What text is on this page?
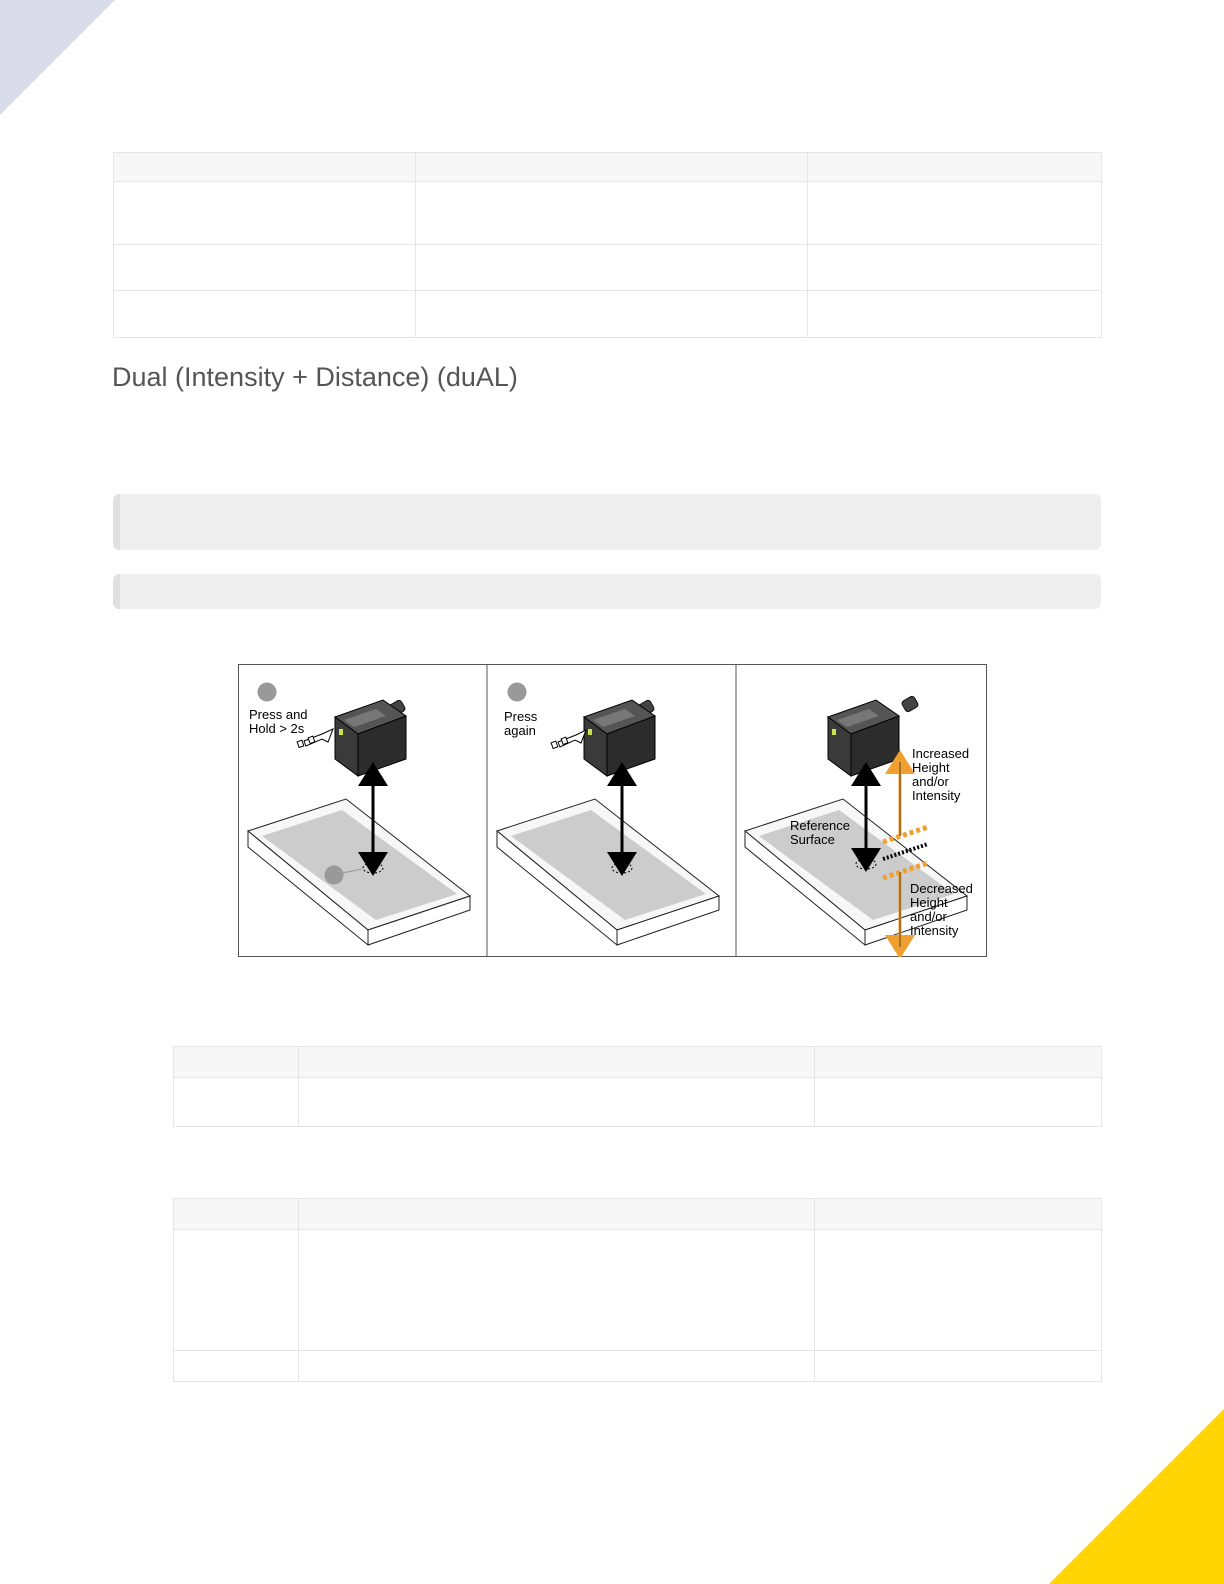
Dual (Intensity + Distance) (duAL)
Press and
Hold > 2s
Press
again
Reference
Surface
Increased
Height
and/or
Intensity
Decreased
Height
and/or
Intensity
